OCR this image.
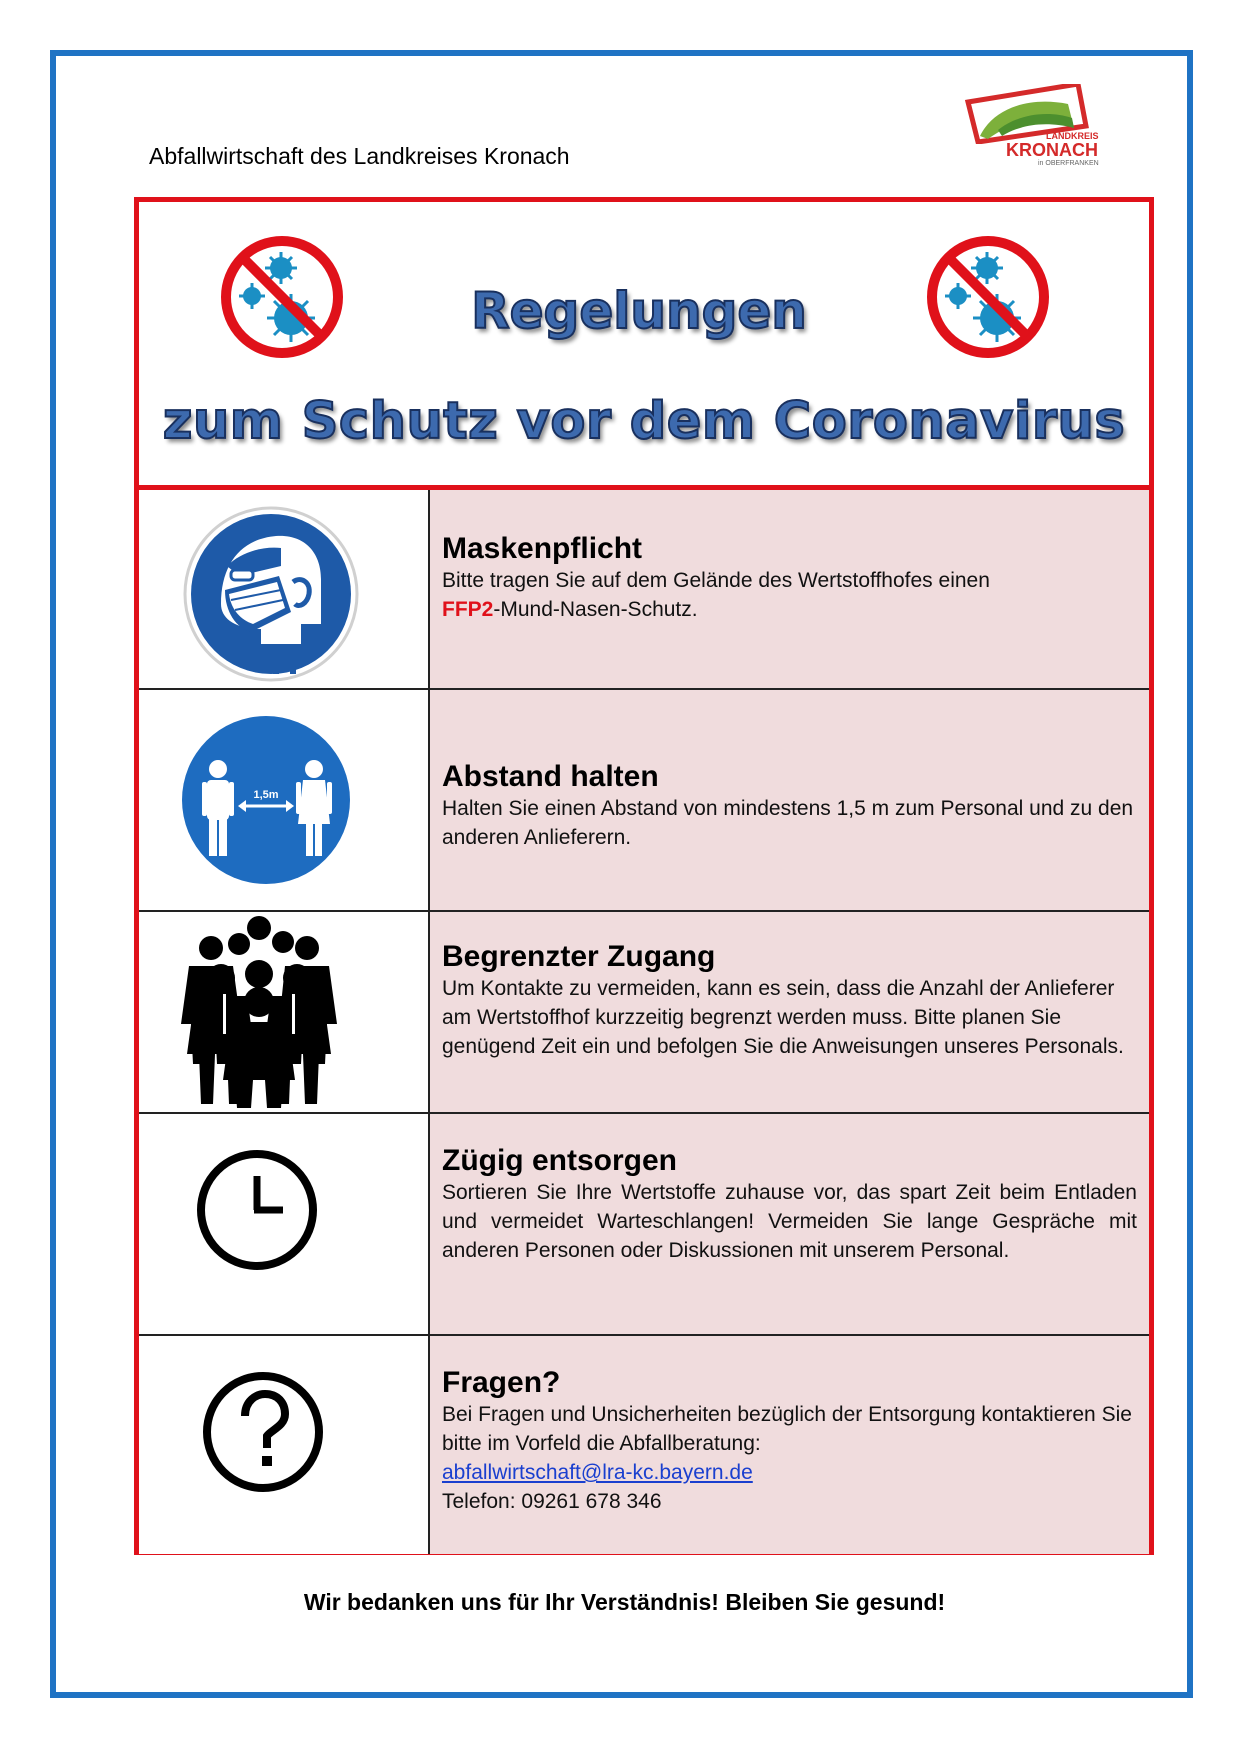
Abfallwirtschaft des Landkreises Kronach
LANDKREIS
KRONACH
in OBERFRANKEN
Regelungen
zum Schutz vor dem Coronavirus

Maskenpflicht

Bitte tragen Sie auf dem Gelände des Wertstoffhofes einen
FFP2-Mund-Nasen-Schutz.

1,5m

Abstand halten

Halten Sie einen Abstand von mindestens 1,5 m zum Personal und zu den anderen Anlieferern.

Begrenzter Zugang

Um Kontakte zu vermeiden, kann es sein, dass die Anzahl der Anlieferer am Wertstoffhof kurzzeitig begrenzt werden muss. Bitte planen Sie genügend Zeit ein und befolgen Sie die Anweisungen unseres Personals.

Zügig entsorgen

Sortieren Sie Ihre Wertstoffe zuhause vor, das spart Zeit beim Entladen und vermeidet Warteschlangen! Vermeiden Sie lange Gespräche mit anderen Personen oder Diskussionen mit unserem Personal.

Fragen?

Bei Fragen und Unsicherheiten bezüglich der Entsorgung kontaktieren Sie bitte im Vorfeld die Abfallberatung:

abfallwirtschaft@lra-kc.bayern.de

Telefon: 09261 678 346

Wir bedanken uns für Ihr Verständnis! Bleiben Sie gesund!
